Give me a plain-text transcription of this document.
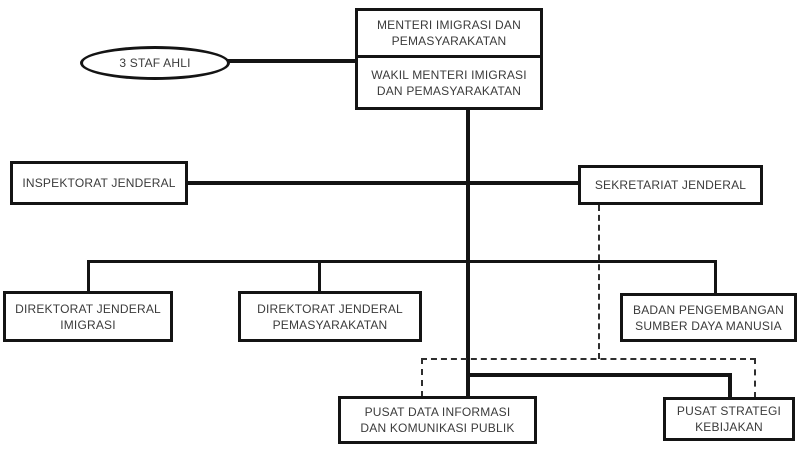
3 STAF AHLI
MENTERI IMIGRASI DAN
PEMASYARAKATAN
WAKIL MENTERI IMIGRASI
DAN PEMASYARAKATAN
INSPEKTORAT JENDERAL	SEKRETARIAT JENDERAL
DIREKTORAT JENDERAL
IMIGRASI
DIREKTORAT JENDERAL
PEMASYARAKATAN
BADAN PENGEMBANGAN
SUMBER DAYA MANUSIA
PUSAT DATA INFORMASI
DAN KOMUNIKASI PUBLIK
PUSAT STRATEGI
KEBIJAKAN
